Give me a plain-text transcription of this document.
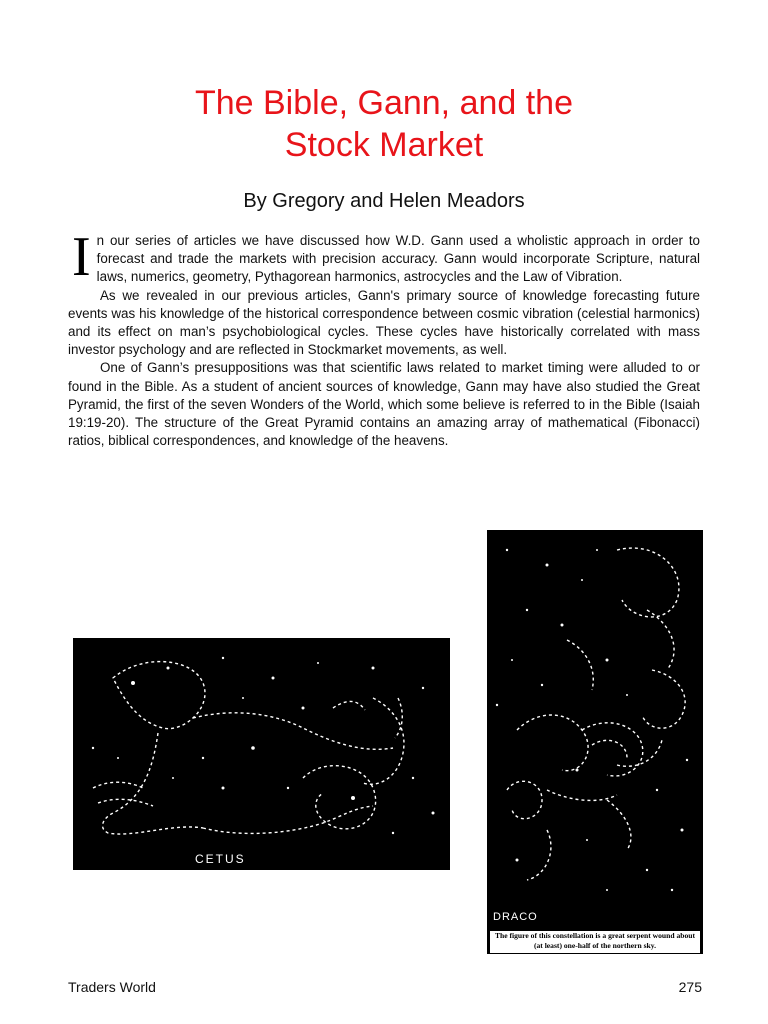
The Bible, Gann, and the
Stock Market
By Gregory and Helen Meadors

In our series of articles we have discussed how W.D. Gann used a wholistic approach in order to forecast and trade the markets with precision accuracy. Gann would incorporate Scripture, natural laws, numerics, geometry, Pythagorean harmonics, astrocycles and the Law of Vibration.

As we revealed in our previous articles, Gann's primary source of knowledge forecasting future events was his knowledge of the historical correspondence between cosmic vibration (celestial harmonics) and its effect on man’s psychobiological cycles. These cycles have historically correlated with mass investor psychology and are reflected in Stockmarket movements, as well.

One of Gann’s presuppositions was that scientific laws related to market timing were alluded to or found in the Bible. As a student of ancient sources of knowledge, Gann may have also studied the Great Pyramid, the first of the seven Wonders of the World, which some believe is referred to in the Bible (Isaiah 19:19-20). The structure of the Great Pyramid contains an amazing array of mathematical (Fibonacci) ratios, biblical correspondences, and knowledge of the heavens.

CETUS
DRACO
The figure of this constellation is a great serpent wound about (at least) one-half of the northern sky.
Traders World	275
